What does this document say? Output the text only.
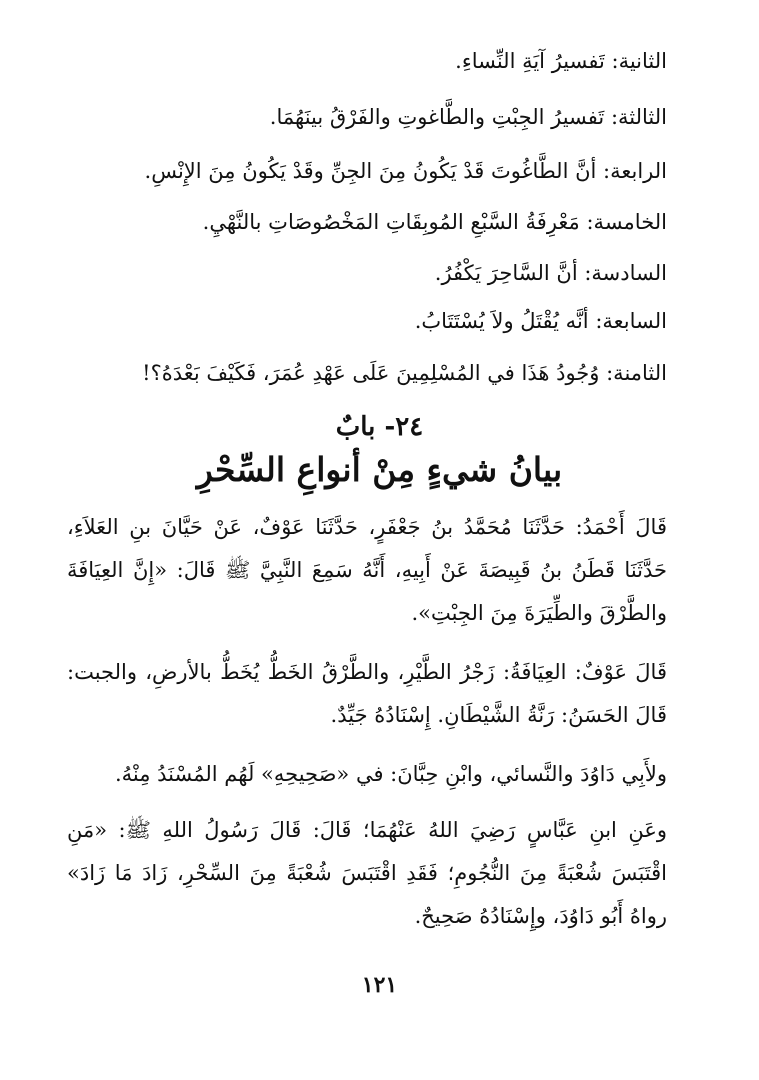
الثانية: تَفسيرُ آيَةِ النِّساءِ.
الثالثة: تَفسيرُ الجِبْتِ والطَّاغوتِ والفَرْقُ بينَهُمَا.
الرابعة: أنَّ الطَّاغُوتَ قَدْ يَكُونُ مِنَ الجِنِّ وقَدْ يَكُونُ مِنَ الإِنْسِ.
الخامسة: مَعْرِفَةُ السَّبْعِ المُوبِقَاتِ المَخْصُوصَاتِ بالنَّهْيِ.
السادسة: أنَّ السَّاحِرَ يَكْفُرُ.
السابعة: أنَّه يُقْتَلُ ولاَ يُسْتَتَابُ.
الثامنة: وُجُودُ هَذَا في المُسْلِمِينَ عَلَى عَهْدِ عُمَرَ، فَكَيْفَ بَعْدَهُ؟!
٢٤- بابٌ
بيانُ شيءٍ مِنْ أنواعِ السِّحْرِ
قَالَ أَحْمَدُ: حَدَّثَنَا مُحَمَّدُ بنُ جَعْفَرٍ، حَدَّثَنَا عَوْفٌ، عَنْ حَيَّانَ بنِ العَلاَءِ، حَدَّثَنَا قَطَنُ بنُ قَبِيصَةَ عَنْ أَبِيهِ، أَنَّهُ سَمِعَ النَّبِيَّ ﷺ قَالَ: «إِنَّ العِيَافَةَ والطَّرْقَ والطِّيَرَةَ مِنَ الجِبْتِ».
قَالَ عَوْفٌ: العِيَافَةُ: زَجْرُ الطَّيْرِ، والطَّرْقُ الخَطُّ يُخَطُّ بالأرضِ، والجبت: قَالَ الحَسَنُ: رَنَّةُ الشَّيْطَانِ. إِسْنَادُهُ جَيِّدٌ.
ولأَبِي دَاوُدَ والنَّسائي، وابْنِ حِبَّانَ: في «صَحِيحِهِ» لَهُم المُسْنَدُ مِنْهُ.
وعَنِ ابنِ عَبَّاسٍ رَضِيَ اللهُ عَنْهُمَا؛ قَالَ: قَالَ رَسُولُ اللهِ ﷺ: «مَنِ اقْتَبَسَ شُعْبَةً مِنَ النُّجُومِ؛ فَقَدِ اقْتَبَسَ شُعْبَةً مِنَ السِّحْرِ، زَادَ مَا زَادَ» رواهُ أَبُو دَاوُدَ، وإِسْنَادُهُ صَحِيحٌ.
١٢١
